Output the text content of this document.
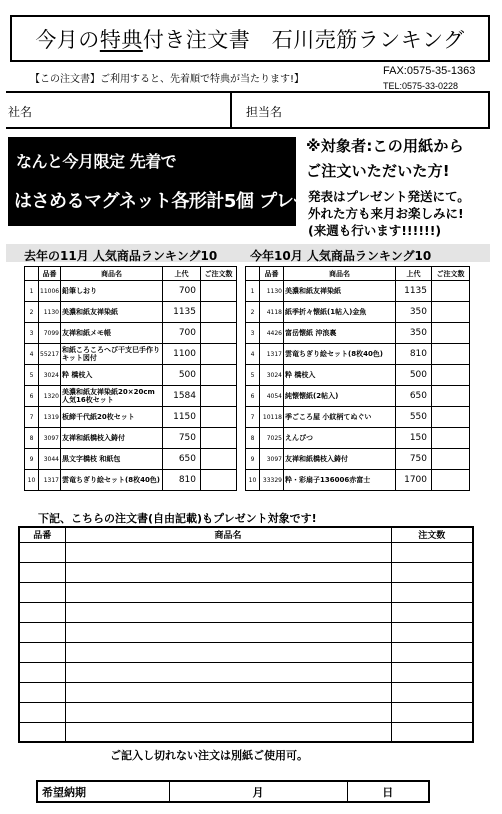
今月の 特典 付き注文書　石川売筋ランキング
【この注文書】ご利用すると、先着順で特典が当たります!】
FAX:0575-35-1363
TEL:0575-33-0228
社名	担当名
なんと今月限定 先着で
はさめるマグネット各形計5個 プレゼント!
※対象者:この用紙から
ご注文いただいた方!
発表はプレゼント発送にて。
外れた方も来月お楽しみに!
(来週も行います!!!!!!)
去年の11月 人気商品ランキング10	今年10月 人気商品ランキング10
	品番	商品名	上代	ご注文数
1	11006	鉛筆しおり	700	
2	1130	美濃和紙友禅染紙	1135	
3	7099	友禅和紙メモ帳	700	
4	55217	和紙ころころへび干支巳手作りキット図付	1100	
5	3024	粋 橋枝入	500	
6	1320	美濃和紙友禅染紙20×20cm 人気16枚セット	1584	
7	1319	板締千代紙20枚セット	1150	
8	3097	友禅和紙橋枝入鋳付	750	
9	3044	黒文字橋枝 和紙包	650	
10	1317	雲竜ちぎり絵セット(8枚40色)	810	
	品番	商品名	上代	ご注文数
1	1130	美濃和紙友禅染紙	1135	
2	4118	紙季折々懐紙(1帖入)金魚	350	
3	4426	富岳懐紙 沖浪裏	350	
4	1317	雲竜ちぎり絵セット(8枚40色)	810	
5	3024	粋 橋枝入	500	
6	4054	純懐懐紙(2帖入)	650	
7	10118	季ごころ屋 小紋柄てぬぐい	550	
8	7025	えんぴつ	150	
9	3097	友禅和紙橋枝入鋳付	750	
10	33329	粋・彩扇子136006赤富士	1700	
下記、こちらの注文書(自由記載)もプレゼント対象です!
品番	商品名	注文数

ご記入し切れない注文は別紙ご使用可。
希望納期	月	日
